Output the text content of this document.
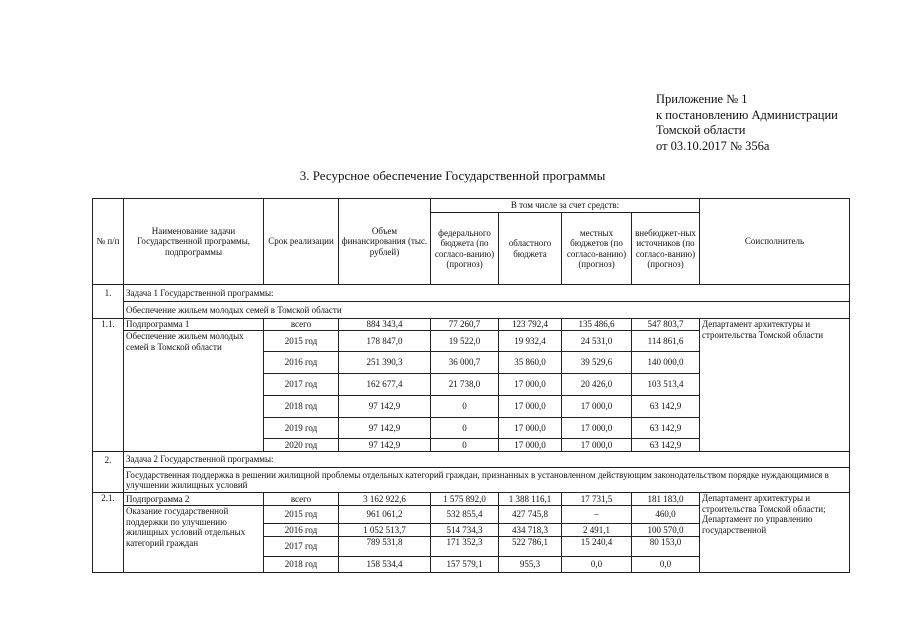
Приложение № 1
к постановлению Администрации
Томской области
от 03.10.2017 № 356а
3. Ресурсное обеспечение Государственной программы
№ п/п	Наименование задачи Государственной программы, подпрограммы	Срок реализации	Объем финансирования (тыс. рублей)	В том числе за счет средств:				Соисполнитель
				федерального бюджета (по согласо-ванию) (прогноз)	областного бюджета	местных бюджетов (по согласо-ванию) (прогноз)	внебюджет-ных источников (по согласо-ванию) (прогноз)	
1.	Задача 1 Государственной программы:							
	Обеспечение жильем молодых семей в Томской области							
1.1.	Подпрограмма 1	всего	884 343,4	77 260,7	123 792,4	135 486,6	547 803,7	Департамент архитектуры и строительства Томской области
	Обеспечение жильем молодых семей в Томской области	2015 год	178 847,0	19 522,0	19 932,4	24 531,0	114 861,6	
		2016 год	251 390,3	36 000,7	35 860,0	39 529,6	140 000,0	
		2017 год	162 677,4	21 738,0	17 000,0	20 426,0	103 513,4	
		2018 год	97 142,9	0	17 000,0	17 000,0	63 142,9	
		2019 год	97 142,9	0	17 000,0	17 000,0	63 142,9	
		2020 год	97 142,9	0	17 000,0	17 000,0	63 142,9	
2.	Задача 2 Государственной программы:							
	Государственная поддержка в решении жилищной проблемы отдельных категорий граждан, признанных в установленном действующим законодательством порядке нуждающимися в улучшении жилищных условий							
2.1.	Подпрограмма 2	всего	3 162 922,6	1 575 892,0	1 388 116,1	17 731,5	181 183,0	Департамент архитектуры и строительства Томской области; Департамент по управлению государственной
	Оказание государственной поддержки по улучшению жилищных условий отдельных категорий граждан	2015 год	961 061,2	532 855,4	427 745,8	–	460,0	
		2016 год	1 052 513,7	514 734,3	434 718,3	2 491,1	100 570,0	
		2017 год	789 531,8	171 352,3	522 786,1	15 240,4	80 153,0	
		2018 год	158 534,4	157 579,1	955,3	0,0	0,0	
